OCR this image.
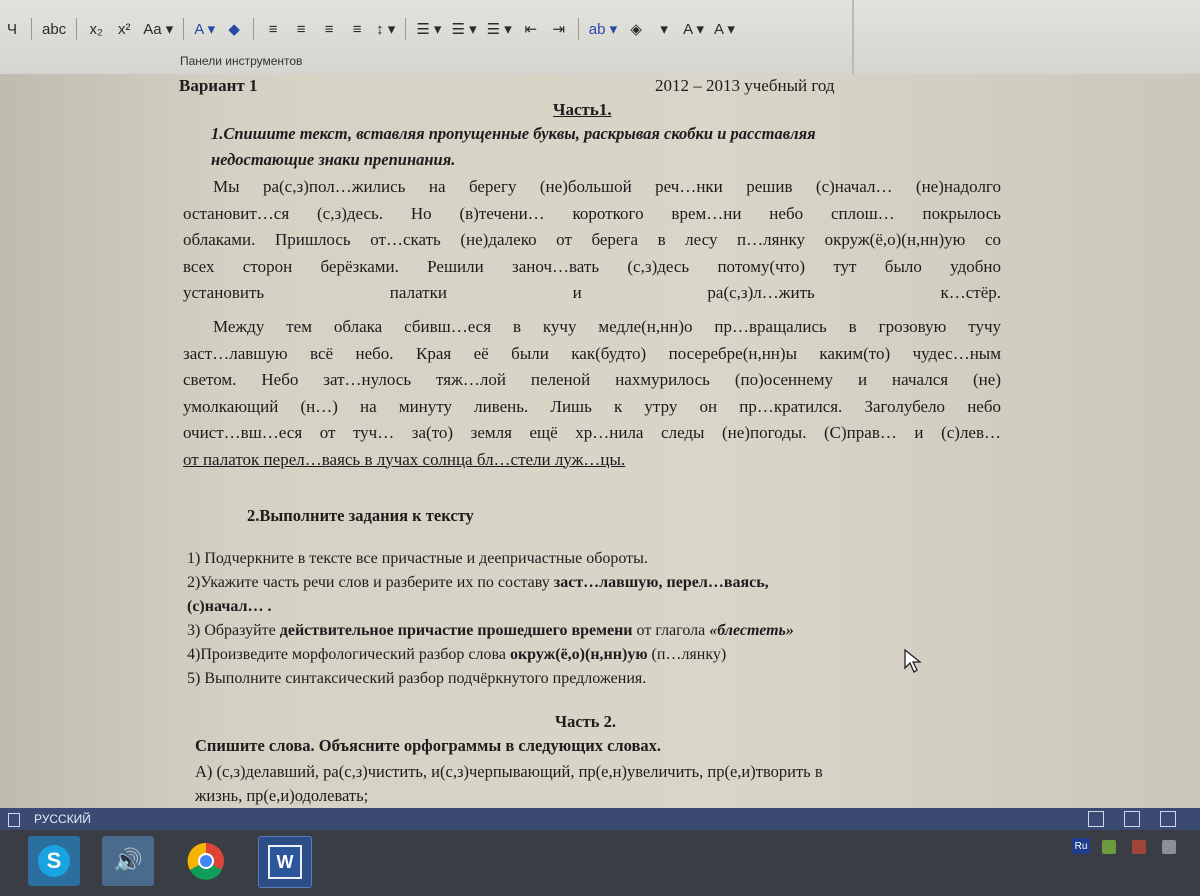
Ч	abc	x₂	x² Aa ▾ A ▾ ◆	≡	≡	≡	≡ ↕ ▾ ☰ ▾ ☰ ▾ ☰ ▾ ⇤	⇥	ab ▾ ◈	▾	A ▾ A ▾
Панели инструментов
Вариант 1	2012 – 2013 учебный год
Часть1.
1.Спишите текст, вставляя пропущенные буквы, раскрывая скобки и расставляя
недостающие знаки препинания.
Мы ра(с,з)пол…жились на берегу (не)большой реч…нки решив (с)начал… (не)надолго
остановит…ся (с,з)десь. Но (в)течени… короткого врем…ни небо сплош… покрылось
облаками. Пришлось от…скать (не)далеко от берега в лесу п…лянку окруж(ё,о)(н,нн)ую со
всех сторон берёзками. Решили заноч…вать (с,з)десь потому(что) тут было удобно
установить палатки и ра(с,з)л…жить к…стёр.
Между тем облака сбивш…еся в кучу медле(н,нн)о пр…вращались в грозовую тучу
заст…лавшую всё небо. Края её были как(будто) посеребре(н,нн)ы каким(то) чудес…ным
светом. Небо зат…нулось тяж…лой пеленой нахмурилось (по)осеннему и начался (не)
умолкающий (н…) на минуту ливень. Лишь к утру он пр…кратился. Заголубело небо
очист…вш…еся от туч… за(то) земля ещё хр…нила следы (не)погоды. (С)прав… и (с)лев…
от палаток перел…ваясь в лучах солнца бл…стели луж…цы.
2.Выполните задания к тексту
1) Подчеркните в тексте все причастные и деепричастные обороты.
2)Укажите часть речи слов и разберите их по составу заст…лавшую, перел…ваясь,
(с)начал… .
3) Образуйте действительное причастие прошедшего времени от глагола «блестеть»
4)Произведите морфологический разбор слова окруж(ё,о)(н,нн)ую (п…лянку)
5) Выполните синтаксический разбор подчёркнутого предложения.
Часть 2.
Спишите слова. Объясните орфограммы в следующих словах.
А) (с,з)делавший, ра(с,з)чистить, и(с,з)черпывающий, пр(е,н)увеличить, пр(е,и)творить в
жизнь, пр(е,и)одолевать;
РУССКИЙ
S	🔊	W
Ru
